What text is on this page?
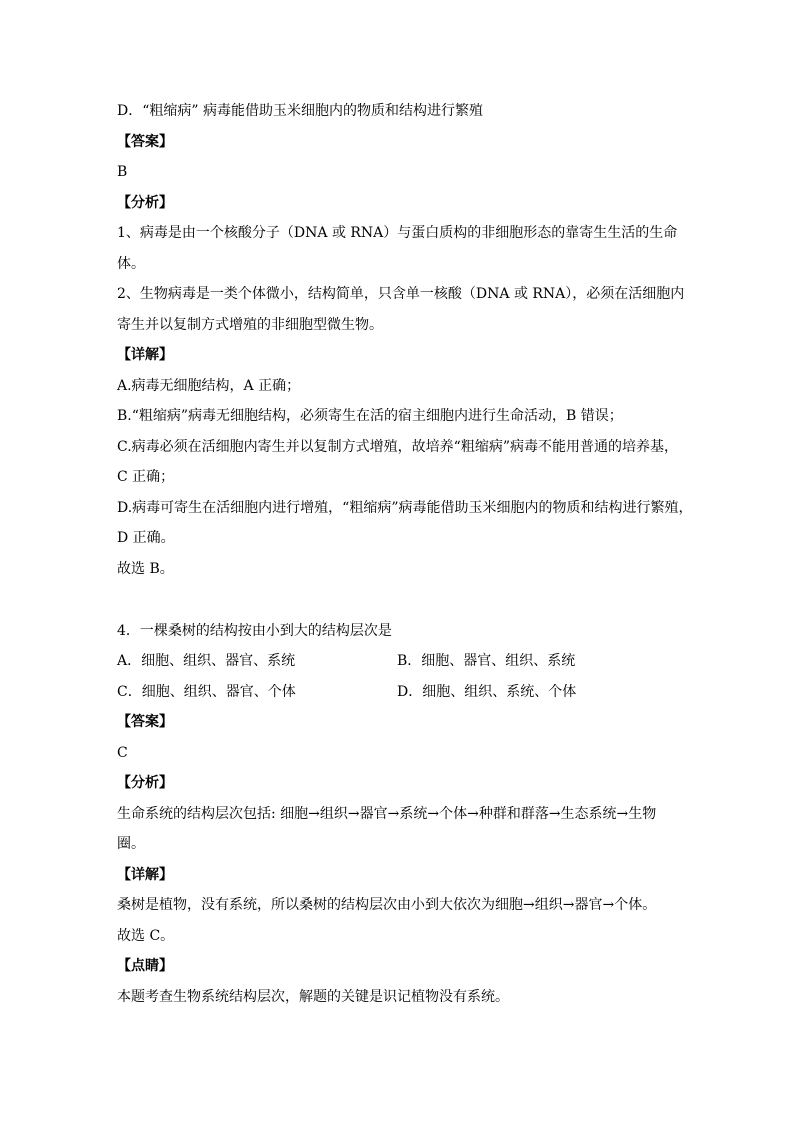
D．“粗缩病” 病毒能借助玉米细胞内的物质和结构进行繁殖

【答案】

B

【分析】

1、病毒是由一个核酸分子（DNA 或 RNA）与蛋白质构的非细胞形态的靠寄生生活的生命

体。

2、生物病毒是一类个体微小，结构简单，只含单一核酸（DNA 或 RNA），必须在活细胞内

寄生并以复制方式增殖的非细胞型微生物。

【详解】

A.病毒无细胞结构，A 正确；

B.“粗缩病”病毒无细胞结构，必须寄生在活的宿主细胞内进行生命活动，B 错误；

C.病毒必须在活细胞内寄生并以复制方式增殖，故培养“粗缩病”病毒不能用普通的培养基，

C 正确；

D.病毒可寄生在活细胞内进行增殖，“粗缩病”病毒能借助玉米细胞内的物质和结构进行繁殖，

D 正确。

故选 B。

4．一棵桑树的结构按由小到大的结构层次是

A．细胞、组织、器官、系统	B．细胞、器官、组织、系统
C．细胞、组织、器官、个体	D．细胞、组织、系统、个体

【答案】

C

【分析】

生命系统的结构层次包括: 细胞→组织→器官→系统→个体→种群和群落→生态系统→生物

圈。

【详解】

桑树是植物，没有系统，所以桑树的结构层次由小到大依次为细胞→组织→器官→个体。

故选 C。

【点睛】

本题考查生物系统结构层次，解题的关键是识记植物没有系统。
